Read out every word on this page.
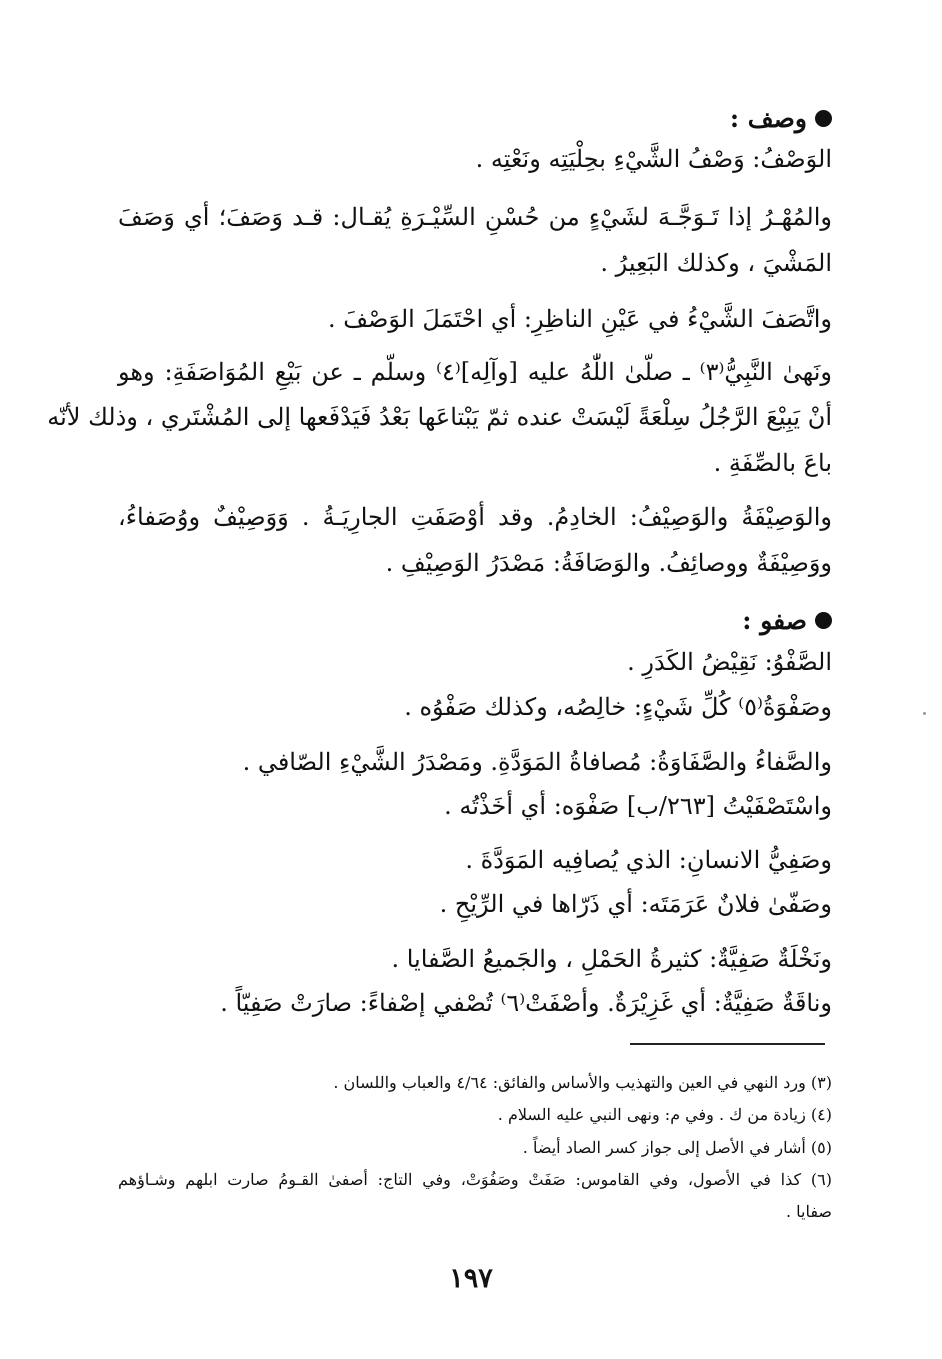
وصف :

الوَصْفُ: وَصْفُ الشَّيْءِ بحِلْيَتِه ونَعْتِه .

والمُهْـرُ إذا تَـوَجَّـهَ لشَيْءٍ من حُسْنِ السِّيْـرَةِ يُقـال: قـد وَصَفَ؛ أي وَصَفَ

المَشْيَ ، وكذلك البَعِيرُ .

واتَّصَفَ الشَّيْءُ في عَيْنِ الناظِرِ: أي احْتَمَلَ الوَصْفَ .

ونَهىٰ النَّبِيُّ⁽٣⁾ ـ صلّىٰ اللّٰهُ عليه [وآلِه]⁽٤⁾ وسلّم ـ عن بَيْعِ المُوَاصَفَةِ: وهو

أنْ يَبِيْعَ الرَّجُلُ سِلْعَةً لَيْسَتْ عنده ثمّ يَبْتاعَها بَعْدُ فَيَدْفَعها إلى المُشْتَري ، وذلك لأنّه

باعَ بالصِّفَةِ .

والوَصِيْفَةُ والوَصِيْفُ: الخادِمُ. وقد أوْصَفَتِ الجارِيَـةُ . وَوَصِيْفٌ ووُصَفاءُ،

ووَصِيْفَةٌ ووصائِفُ. والوَصَافَةُ: مَصْدَرُ الوَصِيْفِ .

صفو :

الصَّفْوُ: نَقِيْضُ الكَدَرِ .

وصَفْوَةُ⁽٥⁾ كُلِّ شَيْءٍ: خالِصُه، وكذلك صَفْوُه .

والصَّفاءُ والصَّفَاوَةُ: مُصافاةُ المَوَدَّةِ. ومَصْدَرُ الشَّيْءِ الصّافي .

واسْتَصْفَيْتُ [٢٦٣/ب] صَفْوَه: أي أخَذْتُه .

وصَفِيُّ الانسانِ: الذي يُصافِيه المَوَدَّةَ .

وصَفّىٰ فلانٌ عَرَمَتَه: أي ذَرّاها في الرِّيْحِ .

ونَخْلَةٌ صَفِيَّةٌ: كثيرةُ الحَمْلِ ، والجَميعُ الصَّفايا .

وناقَةٌ صَفِيَّةٌ: أي غَزِيْرَةٌ. وأصْفَتْ⁽٦⁾ تُصْفي إصْفاءً: صارَتْ صَفِيّاً .

(٣) ورد النهي في العين والتهذيب والأساس والفائق: ٤/٦٤ والعباب واللسان .

(٤) زيادة من ك . وفي م: ونهى النبي عليه السلام .

(٥) أشار في الأصل إلى جواز كسر الصاد أيضاً .

(٦) كذا في الأصول، وفي القاموس: صَفَتْ وصَفُوَتْ، وفي التاج: أصفىٰ القـومُ صارت ابلهم وشـاؤهم

صفايا .

١٩٧
